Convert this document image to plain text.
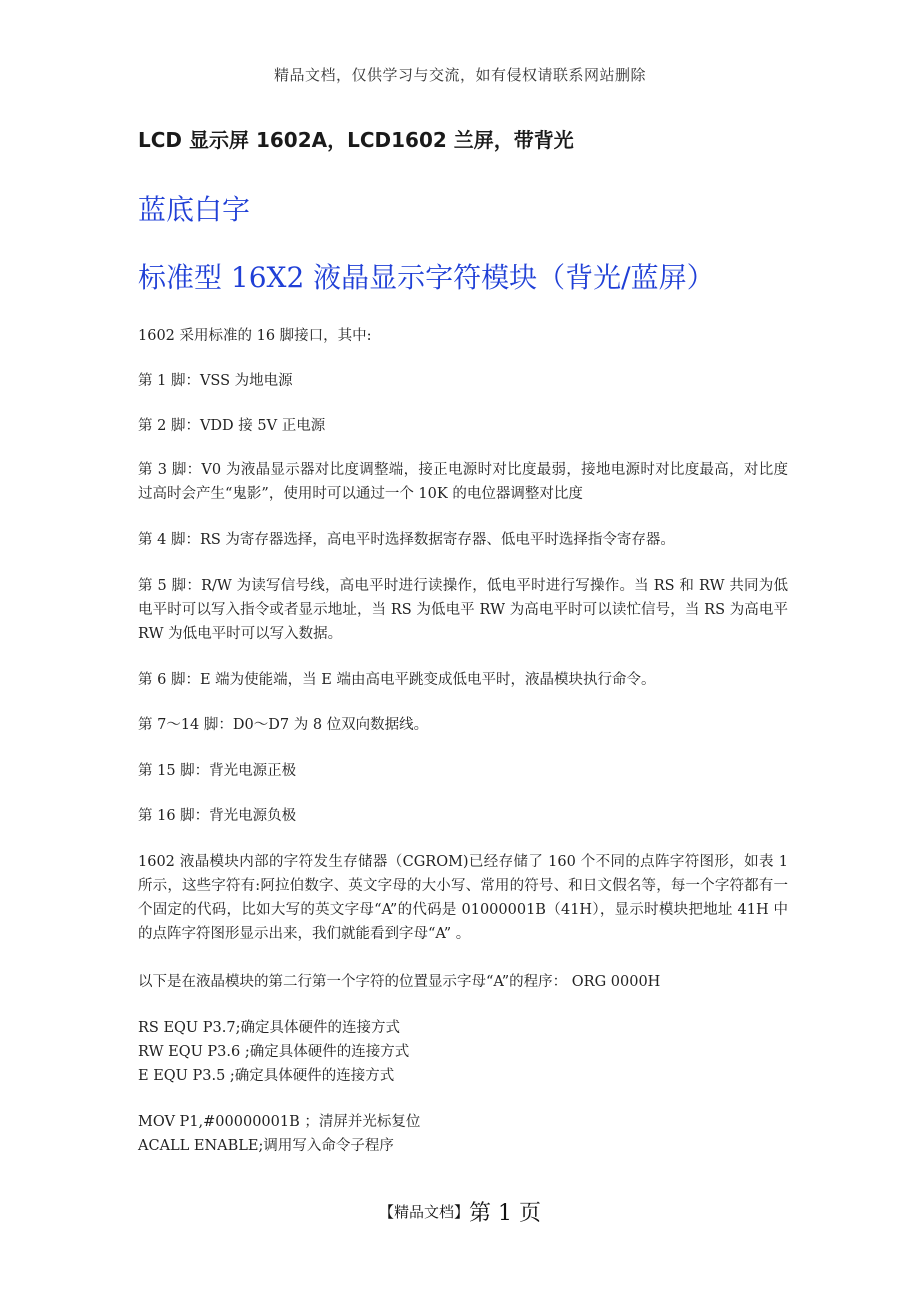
精品文档，仅供学习与交流，如有侵权请联系网站删除
LCD 显示屏 1602A，LCD1602 兰屏，带背光
蓝底白字
标准型 16X2 液晶显示字符模块（背光/蓝屏）
1602 采用标准的 16 脚接口，其中:
第 1 脚：VSS 为地电源
第 2 脚：VDD 接 5V 正电源
第 3 脚：V0 为液晶显示器对比度调整端，接正电源时对比度最弱，接地电源时对比度最高，对比度过高时会产生“鬼影”，使用时可以通过一个 10K 的电位器调整对比度
第 4 脚：RS 为寄存器选择，高电平时选择数据寄存器、低电平时选择指令寄存器。
第 5 脚：R/W 为读写信号线，高电平时进行读操作，低电平时进行写操作。当 RS 和 RW 共同为低电平时可以写入指令或者显示地址，当 RS 为低电平 RW 为高电平时可以读忙信号，当 RS 为高电平 RW 为低电平时可以写入数据。
第 6 脚：E 端为使能端，当 E 端由高电平跳变成低电平时，液晶模块执行命令。
第 7～14 脚：D0～D7 为 8 位双向数据线。
第 15 脚：背光电源正极
第 16 脚：背光电源负极
1602 液晶模块内部的字符发生存储器（CGROM)已经存储了 160 个不同的点阵字符图形，如表 1 所示，这些字符有:阿拉伯数字、英文字母的大小写、常用的符号、和日文假名等，每一个字符都有一个固定的代码，比如大写的英文字母“A”的代码是 01000001B（41H），显示时模块把地址 41H 中的点阵字符图形显示出来，我们就能看到字母“A” 。
以下是在液晶模块的第二行第一个字符的位置显示字母“A”的程序： ORG 0000H
RS EQU P3.7;确定具体硬件的连接方式
RW EQU P3.6 ;确定具体硬件的连接方式
E EQU P3.5 ;确定具体硬件的连接方式
MOV P1,#00000001B ；清屏并光标复位
ACALL ENABLE;调用写入命令子程序
【精品文档】第 1 页
